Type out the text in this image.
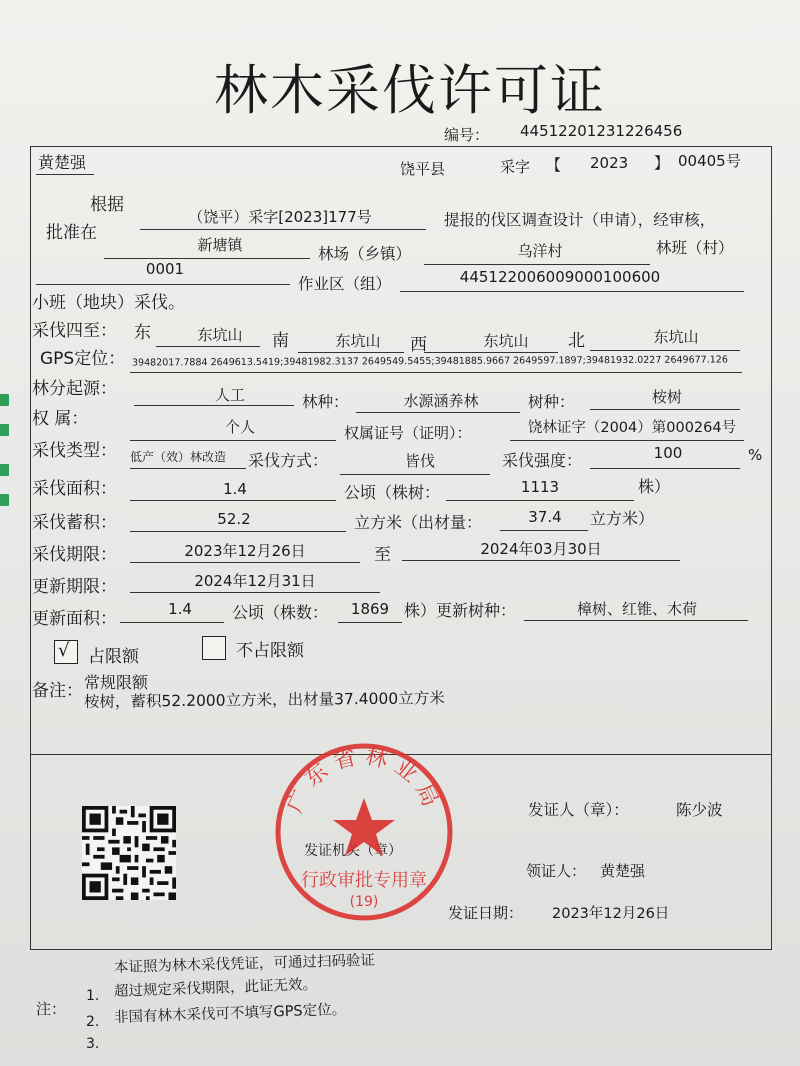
林木采伐许可证
编号： 44512201231226456
黄楚强	饶平县	采字 【 2023 】 00405 号
根据
（饶平）采字[2023]177号	提报的伐区调查设计（申请），经审核，
批准在
新塘镇	林场（乡镇）	乌洋村	林班（村）
0001
作业区（组）	445122006009000100600
小班（地块）采伐。
采伐四至： 东	东坑山	南	东坑山	西	东坑山	北	东坑山
GPS定位： 39482017.7884 2649613.5419;39481982.3137 2649549.5455;39481885.9667 2649597.1897;39481932.0227 2649677.126
林分起源：	人工	林种：	水源涵养林	树种：	桉树
权 属：	个人	权属证号（证明）：	饶林证字（2004）第000264号
采伐类型： 低产（效）林改造 采伐方式：	皆伐	采伐强度：	100	%
采伐面积：	1.4	公顷（株树：	1113	株）
采伐蓄积：	52.2	立方米（出材量：	37.4	立方米）
采伐期限：	2023年12月26日	至	2024年03月30日
更新期限：	2024年12月31日
更新面积：	1.4	公顷（株数：	1869 株）更新树种：	樟树、红锥、木荷
√ 占限额	不占限额
备注： 常规限额
桉树，蓄积52.2000立方米，出材量37.4000立方米
发证人（章）：	陈少波
发证机关（章）
领证人： 黄楚强
发证日期： 2023年12月26日
广东省林业局
行政审批专用章
(19)
注：
1.
本证照为林木采伐凭证，可通过扫码验证
2.
超过规定采伐期限，此证无效。
3.
非国有林木采伐可不填写GPS定位。
